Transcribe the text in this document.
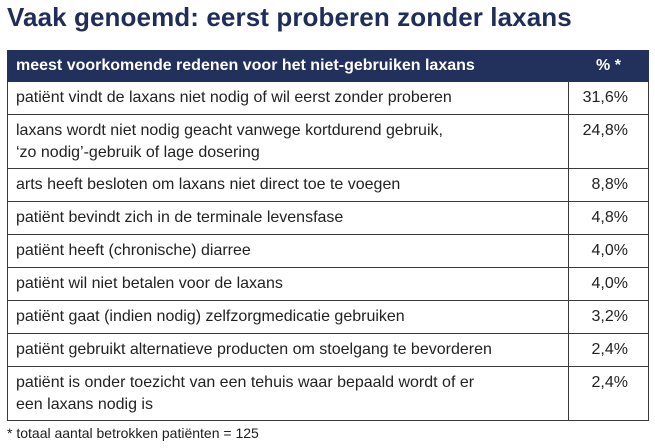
Vaak genoemd: eerst proberen zonder laxans
meest voorkomende redenen voor het niet-gebruiken laxans	% *
patiënt vindt de laxans niet nodig of wil eerst zonder proberen	31,6%

laxans wordt niet nodig geacht vanwege kortdurend gebruik,
‘zo nodig’-gebruik of lage dosering	24,8%
arts heeft besloten om laxans niet direct toe te voegen	8,8%
patiënt bevindt zich in de terminale levensfase	4,8%
patiënt heeft (chronische) diarree	4,0%
patiënt wil niet betalen voor de laxans	4,0%
patiënt gaat (indien nodig) zelfzorgmedicatie gebruiken	3,2%
patiënt gebruikt alternatieve producten om stoelgang te bevorderen	2,4%

patiënt is onder toezicht van een tehuis waar bepaald wordt of er
een laxans nodig is	2,4%
* totaal aantal betrokken patiënten = 125
